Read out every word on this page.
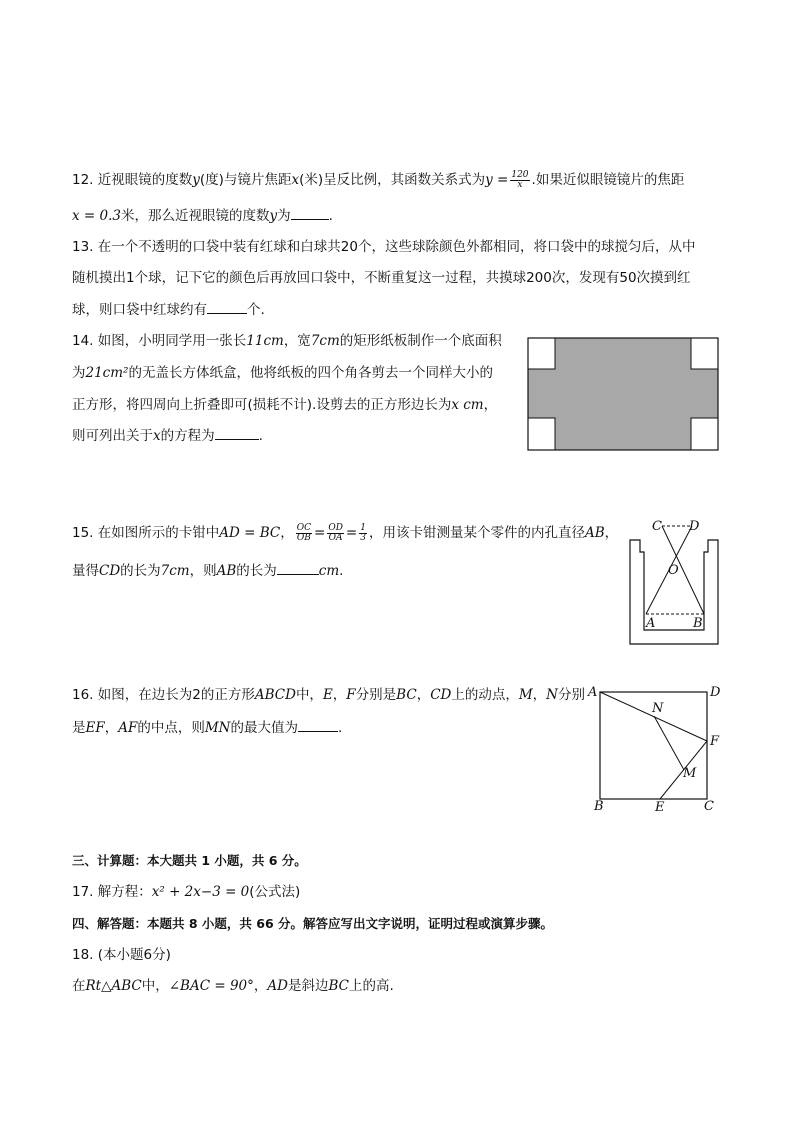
12. 近视眼镜的度数y(度)与镜片焦距x(米)呈反比例，其函数关系式为$y = \frac{120}{x}$ .如果近似眼镜镜片的焦距
x = 0.3米，那么近视眼镜的度数y为	.
13. 在一个不透明的口袋中装有红球和白球共20个，这些球除颜色外都相同，将口袋中的球搅匀后，从中
随机摸出1个球，记下它的颜色后再放回口袋中，不断重复这一过程，共摸球200次，发现有50次摸到红
球，则口袋中红球约有	个.
14. 如图，小明同学用一张长11cm，宽7cm的矩形纸板制作一个底面积
为21cm²的无盖长方体纸盒，他将纸板的四个角各剪去一个同样大小的
正方形，将四周向上折叠即可(损耗不计).设剪去的正方形边长为x cm，
则可列出关于x的方程为	.
15. 在如图所示的卡钳中AD = BC， $\frac{OC}{OB} = \frac{OD}{OA} = \frac{1}{3}$ ，用该卡钳测量某个零件的内孔直径AB，
量得CD的长为7cm，则AB的长为	cm.
C D
O
A	B
16. 如图，在边长为2的正方形ABCD中，E，F分别是BC，CD上的动点，M，N分别
是EF，AF的中点，则MN的最大值为	.
A	D
N
F
M
B	E	C
三、计算题：本大题共 1 小题，共 6 分。
17. 解方程：x² + 2x−3 = 0(公式法)
四、解答题：本题共 8 小题，共 66 分。解答应写出文字说明，证明过程或演算步骤。
18. (本小题6分)
在Rt△ABC中，∠BAC = 90°，AD是斜边BC上的高.
